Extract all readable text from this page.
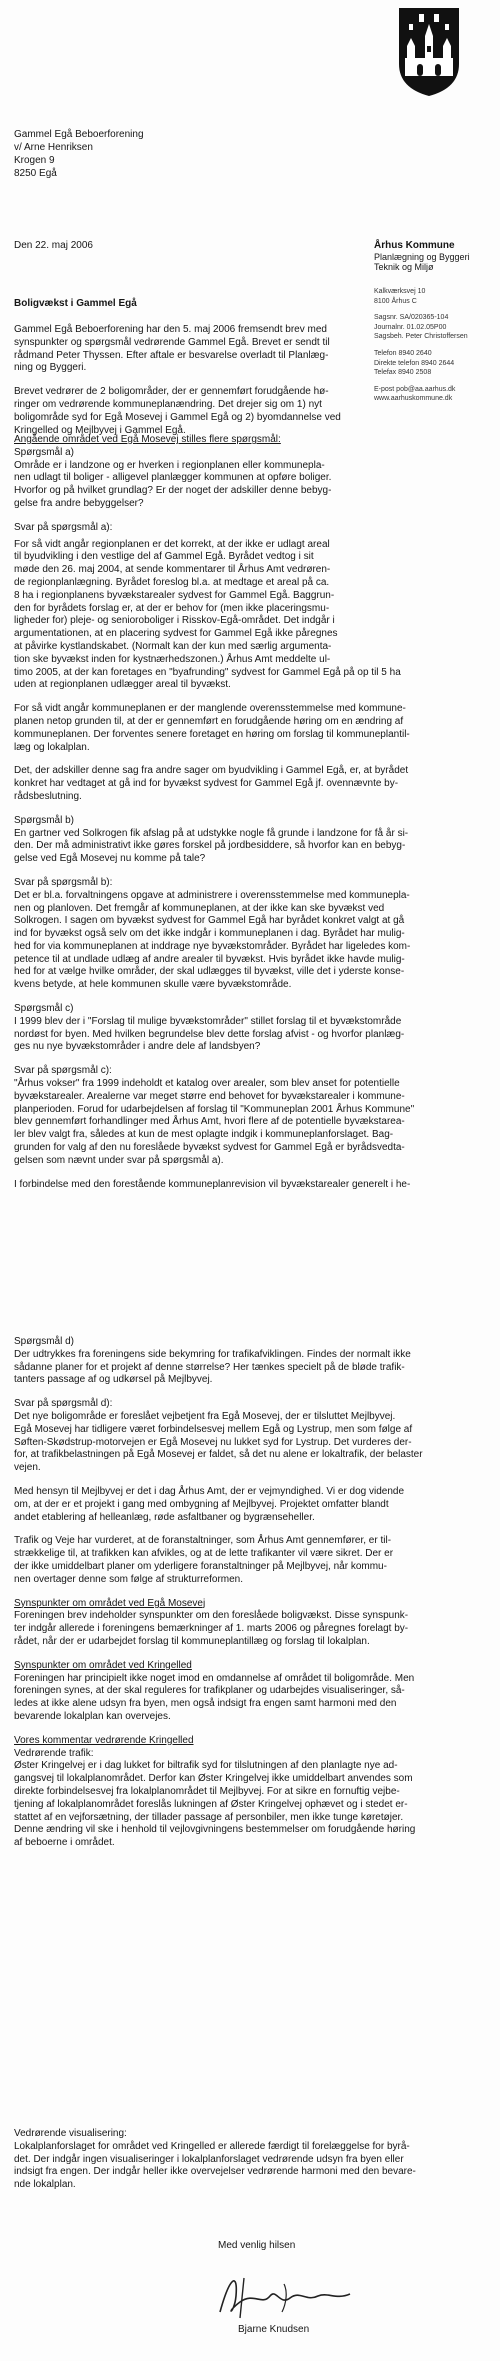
Gammel Egå Beboerforening
v/ Arne Henriksen
Krogen 9
8250 Egå
Den 22. maj 2006	Århus Kommune
Planlægning og Byggeri
Teknik og Miljø
Kalkværksvej 10
8100 Århus C
Sagsnr. SA/020365-104
Journalnr. 01.02.05P00
Sagsbeh. Peter Christoffersen
Telefon 8940 2640
Direkte telefon 8940 2644
Telefax 8940 2508
E-post pob@aa.aarhus.dk
www.aarhuskommune.dk
Boligvækst i Gammel Egå
Gammel Egå Beboerforening har den 5. maj 2006 fremsendt brev med
synspunkter og spørgsmål vedrørende Gammel Egå. Brevet er sendt til
rådmand Peter Thyssen. Efter aftale er besvarelse overladt til Planlæg-
ning og Byggeri.
Brevet vedrører de 2 boligområder, der er gennemført forudgående hø-
ringer om vedrørende kommuneplanændring. Det drejer sig om 1) nyt
boligområde syd for Egå Mosevej i Gammel Egå og 2) byomdannelse ved
Kringelled og Mejlbyvej i Gammel Egå.
Angående området ved Egå Mosevej stilles flere spørgsmål:
Spørgsmål a)
Område er i landzone og er hverken i regionplanen eller kommunepla-
nen udlagt til boliger - alligevel planlægger kommunen at opføre boliger.
Hvorfor og på hvilket grundlag? Er der noget der adskiller denne bebyg-
gelse fra andre bebyggelser?
Svar på spørgsmål a):
For så vidt angår regionplanen er det korrekt, at der ikke er udlagt areal
til byudvikling i den vestlige del af Gammel Egå. Byrådet vedtog i sit
møde den 26. maj 2004, at sende kommentarer til Århus Amt vedrøren-
de regionplanlægning. Byrådet foreslog bl.a. at medtage et areal på ca.
8 ha i regionplanens byvækstarealer sydvest for Gammel Egå. Baggrun-
den for byrådets forslag er, at der er behov for (men ikke placeringsmu-
ligheder for) pleje- og senioroboliger i Risskov-Egå-området. Det indgår i
argumentationen, at en placering sydvest for Gammel Egå ikke påregnes
at påvirke kystlandskabet. (Normalt kan der kun med særlig argumenta-
tion ske byvækst inden for kystnærhedszonen.) Århus Amt meddelte ul-
timo 2005, at der kan foretages en "byafrunding" sydvest for Gammel Egå på op til 5 ha
uden at regionplanen udlægger areal til byvækst.
For så vidt angår kommuneplanen er der manglende overensstemmelse med kommune-
planen netop grunden til, at der er gennemført en forudgående høring om en ændring af
kommuneplanen. Der forventes senere foretaget en høring om forslag til kommuneplantil-
læg og lokalplan.
Det, der adskiller denne sag fra andre sager om byudvikling i Gammel Egå, er, at byrådet
konkret har vedtaget at gå ind for byvækst sydvest for Gammel Egå jf. ovennævnte by-
rådsbeslutning.
Spørgsmål b)
En gartner ved Solkrogen fik afslag på at udstykke nogle få grunde i landzone for få år si-
den. Der må administrativt ikke gøres forskel på jordbesiddere, så hvorfor kan en bebyg-
gelse ved Egå Mosevej nu komme på tale?
Svar på spørgsmål b):
Det er bl.a. forvaltningens opgave at administrere i overensstemmelse med kommunepla-
nen og planloven. Det fremgår af kommuneplanen, at der ikke kan ske byvækst ved
Solkrogen. I sagen om byvækst sydvest for Gammel Egå har byrådet konkret valgt at gå
ind for byvækst også selv om det ikke indgår i kommuneplanen i dag. Byrådet har mulig-
hed for via kommuneplanen at inddrage nye byvækstområder. Byrådet har ligeledes kom-
petence til at undlade udlæg af andre arealer til byvækst. Hvis byrådet ikke havde mulig-
hed for at vælge hvilke områder, der skal udlægges til byvækst, ville det i yderste konse-
kvens betyde, at hele kommunen skulle være byvækstområde.
Spørgsmål c)
I 1999 blev der i "Forslag til mulige byvækstområder" stillet forslag til et byvækstområde
nordøst for byen. Med hvilken begrundelse blev dette forslag afvist - og hvorfor planlæg-
ges nu nye byvækstområder i andre dele af landsbyen?
Svar på spørgsmål c):
"Århus vokser" fra 1999 indeholdt et katalog over arealer, som blev anset for potentielle
byvækstarealer. Arealerne var meget større end behovet for byvækstarealer i kommune-
planperioden. Forud for udarbejdelsen af forslag til "Kommuneplan 2001 Århus Kommune"
blev gennemført forhandlinger med Århus Amt, hvori flere af de potentielle byvækstarea-
ler blev valgt fra, således at kun de mest oplagte indgik i kommuneplanforslaget. Bag-
grunden for valg af den nu foreslåede byvækst sydvest for Gammel Egå er byrådsvedta-
gelsen som nævnt under svar på spørgsmål a).
I forbindelse med den forestående kommuneplanrevision vil byvækstarealer generelt i he-
Spørgsmål d)
Der udtrykkes fra foreningens side bekymring for trafikafviklingen. Findes der normalt ikke
sådanne planer for et projekt af denne størrelse? Her tænkes specielt på de bløde trafik-
tanters passage af og udkørsel på Mejlbyvej.
Svar på spørgsmål d):
Det nye boligområde er foreslået vejbetjent fra Egå Mosevej, der er tilsluttet Mejlbyvej.
Egå Mosevej har tidligere været forbindelsesvej mellem Egå og Lystrup, men som følge af
Søften-Skødstrup-motorvejen er Egå Mosevej nu lukket syd for Lystrup. Det vurderes der-
for, at trafikbelastningen på Egå Mosevej er faldet, så det nu alene er lokaltrafik, der belaster
vejen.
Med hensyn til Mejlbyvej er det i dag Århus Amt, der er vejmyndighed. Vi er dog vidende
om, at der er et projekt i gang med ombygning af Mejlbyvej. Projektet omfatter blandt
andet etablering af helleanlæg, røde asfaltbaner og bygrænseheller.
Trafik og Veje har vurderet, at de foranstaltninger, som Århus Amt gennemfører, er til-
strækkelige til, at trafikken kan afvikles, og at de lette trafikanter vil være sikret. Der er
der ikke umiddelbart planer om yderligere foranstaltninger på Mejlbyvej, når kommu-
nen overtager denne som følge af strukturreformen.
Synspunkter om området ved Egå Mosevej
Foreningen brev indeholder synspunkter om den foreslåede boligvækst. Disse synspunk-
ter indgår allerede i foreningens bemærkninger af 1. marts 2006 og påregnes forelagt by-
rådet, når der er udarbejdet forslag til kommuneplantillæg og forslag til lokalplan.
Synspunkter om området ved Kringelled
Foreningen har principielt ikke noget imod en omdannelse af området til boligområde. Men
foreningen synes, at der skal reguleres for trafikplaner og udarbejdes visualiseringer, så-
ledes at ikke alene udsyn fra byen, men også indsigt fra engen samt harmoni med den
bevarende lokalplan kan overvejes.
Vores kommentar vedrørende Kringelled
Vedrørende trafik:
Øster Kringelvej er i dag lukket for biltrafik syd for tilslutningen af den planlagte nye ad-
gangsvej til lokalplanområdet. Derfor kan Øster Kringelvej ikke umiddelbart anvendes som
direkte forbindelsesvej fra lokalplanområdet til Mejlbyvej. For at sikre en fornuftig vejbe-
tjening af lokalplanområdet foreslås lukningen af Øster Kringelvej ophævet og i stedet er-
stattet af en vejforsætning, der tillader passage af personbiler, men ikke tunge køretøjer.
Denne ændring vil ske i henhold til vejlovgivningens bestemmelser om forudgående høring
af beboerne i området.
Vedrørende visualisering:
Lokalplanforslaget for området ved Kringelled er allerede færdigt til forelæggelse for byrå-
det. Der indgår ingen visualiseringer i lokalplanforslaget vedrørende udsyn fra byen eller
indsigt fra engen. Der indgår heller ikke overvejelser vedrørende harmoni med den bevare-
nde lokalplan.
Med venlig hilsen
Bjarne Knudsen
